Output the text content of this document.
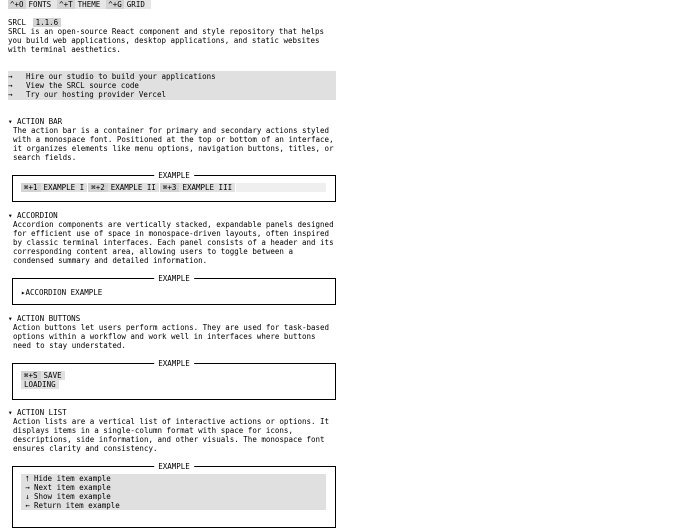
^+O FONTS ^+T THEME ^+G GRID
SRCL 1.1.6
SRCL is an open-source React component and style repository that helps you build web applications, desktop applications, and static websites with terminal aesthetics.
→	Hire our studio to build your applications
→	View the SRCL source code
→	Try our hosting provider Vercel
▾ ACTION BAR
The action bar is a container for primary and secondary actions styled with a monospace font. Positioned at the top or bottom of an interface, it organizes elements like menu options, navigation buttons, titles, or search fields.
EXAMPLE
⌘+1 EXAMPLE I ⌘+2 EXAMPLE II ⌘+3 EXAMPLE III
▾ ACCORDION
Accordion components are vertically stacked, expandable panels designed for efficient use of space in monospace-driven layouts, often inspired by classic terminal interfaces. Each panel consists of a header and its corresponding content area, allowing users to toggle between a condensed summary and detailed information.
EXAMPLE
▸ACCORDION EXAMPLE
▾ ACTION BUTTONS
Action buttons let users perform actions. They are used for task-based options within a workflow and work well in interfaces where buttons need to stay understated.
EXAMPLE
⌘+S SAVE
LOADING
▾ ACTION LIST
Action lists are a vertical list of interactive actions or options. It displays items in a single-column format with space for icons, descriptions, side information, and other visuals. The monospace font ensures clarity and consistency.
EXAMPLE
⭡ Hide item example
→ Next item example
↓ Show item example
← Return item example
